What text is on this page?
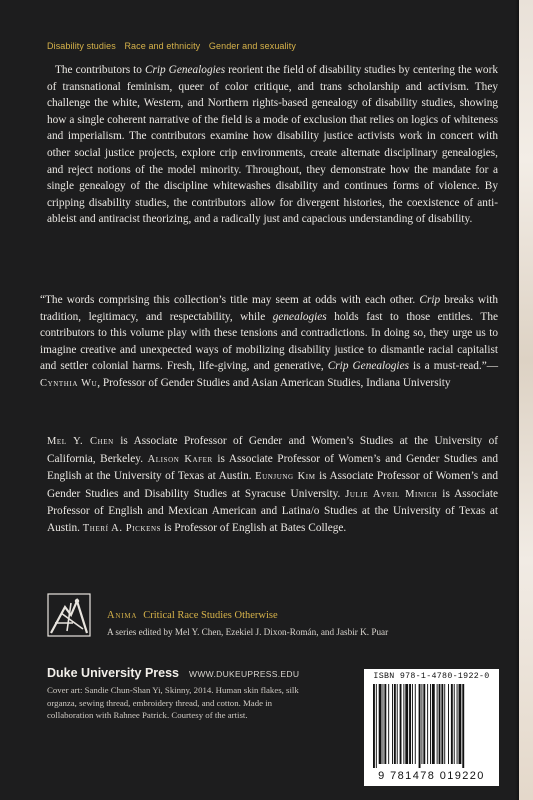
Disability studies Race and ethnicity Gender and sexuality

The contributors to Crip Genealogies reorient the field of disability studies by centering the work of transnational feminism, queer of color critique, and trans scholarship and activism. They challenge the white, Western, and Northern rights-based genealogy of disability studies, showing how a single coherent narrative of the field is a mode of exclusion that relies on logics of whiteness and imperialism. The contributors examine how disability justice activists work in concert with other social justice projects, explore crip environments, create alternate disciplinary genealogies, and reject notions of the model minority. Throughout, they demonstrate how the mandate for a single genealogy of the discipline whitewashes disability and continues forms of violence. By cripping disability studies, the contributors allow for divergent histories, the coexistence of anti-ableist and antiracist theorizing, and a radically just and capacious understanding of disability.

“The words comprising this collection’s title may seem at odds with each other. Crip breaks with tradition, legitimacy, and respectability, while genealogies holds fast to those entitles. The contributors to this volume play with these tensions and contradictions. In doing so, they urge us to imagine creative and unexpected ways of mobilizing disability justice to dismantle racial capitalist and settler colonial harms. Fresh, life-giving, and generative, Crip Genealogies is a must-read.”—Cynthia Wu, Professor of Gender Studies and Asian American Studies, Indiana University

Mel Y. Chen is Associate Professor of Gender and Women’s Studies at the University of California, Berkeley. Alison Kafer is Associate Professor of Women’s and Gender Studies and English at the University of Texas at Austin. Eunjung Kim is Associate Professor of Women’s and Gender Studies and Disability Studies at Syracuse University. Julie Avril Minich is Associate Professor of English and Mexican American and Latina/o Studies at the University of Texas at Austin. Therí A. Pickens is Professor of English at Bates College.

Anima Critical Race Studies Otherwise
A series edited by Mel Y. Chen, Ezekiel J. Dixon-Román, and Jasbir K. Puar
Duke University Press WWW.DUKEUPRESS.EDU

Cover art: Sandie Chun-Shan Yi, Skinny, 2014. Human skin flakes, silk organza, sewing thread, embroidery thread, and cotton. Made in collaboration with Rahnee Patrick. Courtesy of the artist.

ISBN 978-1-4780-1922-0
9 781478 019220
